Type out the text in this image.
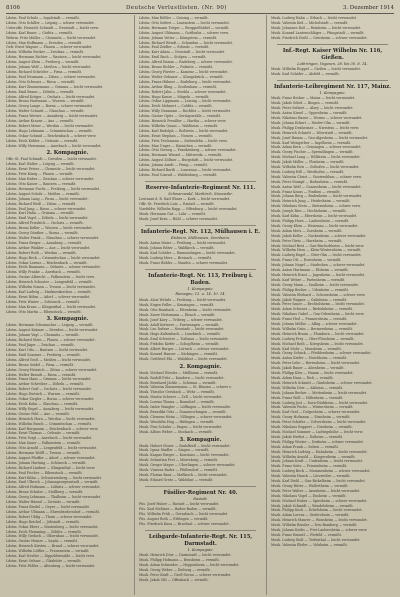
8106	Deutsche Verlustlisten. (Nr. 90)	3. Dezember 1914
Ldstm. Paul Schulz — Ingolstadt — vermißt.
Ldstm. Otto Schiller — Leipzig — schwer verwundet.
Unteroffz. Heinrich Schmidt — Neustadt — leicht verw.
Ldstm. Karl Bauer — Görlitz — vermißt.
Wehrm. Fritz Müller — Chemnitz — leicht verwundet.
Ldstm. Max Hoffmann — Dresden — vermißt.
Gefr. Ernst Wagner — Plauen — schwer verwundet.
Ldstm. Wilhelm Becker — Zwickau — vermißt.
Ldstm. Hermann Richter — Bautzen — leicht verwundet.
Ldstm. August Klein — Freiberg — vermißt.
Ldstm. Johann Wolf — Meißen — leicht verwundet.
Ldstm. Richard Schröder — Pirna — vermißt.
Ldstm. Paul Neumann — Zittau — schwer verwundet.
Ldstm. Otto Schwarz — Riesa — vermißt.
Ldstm. Kurt Zimmermann — Grimma — leicht verwundet.
Ldstm. Emil Braun — Döbeln — vermißt.
Ldstm. Alfred Krüger — Oschatz — leicht verwundet.
Ldstm. Bruno Hartmann — Wurzen — vermißt.
Ldstm. Georg Lange — Borna — schwer verwundet.
Ldstm. Walter Schmitt — Glauchau — vermißt.
Ldstm. Franz Werner — Annaberg — leicht verwundet.
Ldstm. Arthur Krause — Aue — vermißt.
Ldstm. Robert Meier — Werdau — leicht verwundet.
Ldstm. Hugo Lehmann — Crimmitschau — vermißt.
Ldstm. Oskar Schmid — Reichenbach — schwer verw.
Ldstm. Erich Köhler — Oelsnitz — vermißt.
Ldstm. Willy Herrmann — Auerbach — leicht verwundet.
2. Kompagnie.
Offz.-St. Paul Schmidt — Dresden — leicht verwundet.
Ldstm. Karl Walter — Leipzig — vermißt.
Ldstm. Ernst Peters — Chemnitz — leicht verwundet.
Ldstm. Fritz König — Plauen — vermißt.
Ldstm. Max Huber — Zwickau — schwer verwundet.
Ldstm. Otto Kaiser — Bautzen — vermißt.
Ldstm. Hermann Fuchs — Freiberg — leicht verwundet.
Ldstm. August Scholz — Meißen — vermißt.
Ldstm. Johann Lang — Pirna — leicht verwundet.
Ldstm. Richard Weiß — Zittau — vermißt.
Ldstm. Paul Jung — Riesa — schwer verwundet.
Ldstm. Kurt Hahn — Grimma — vermißt.
Ldstm. Emil Vogel — Döbeln — leicht verwundet.
Ldstm. Alfred Friedrich — Oschatz — vermißt.
Ldstm. Bruno Keller — Wurzen — leicht verwundet.
Ldstm. Georg Günther — Borna — vermißt.
Ldstm. Walter Frank — Glauchau — schwer verwundet.
Ldstm. Franz Berger — Annaberg — vermißt.
Ldstm. Arthur Winkler — Aue — leicht verwundet.
Ldstm. Robert Roth — Werdau — vermißt.
Ldstm. Hugo Beck — Crimmitschau — leicht verwundet.
Ldstm. Oskar Lorenz — Reichenbach — vermißt.
Ldstm. Erich Baumann — Oelsnitz — schwer verwundet.
Ldstm. Willy Franke — Auerbach — vermißt.
Ldstm. Gustav Albrecht — Falkenstein — leicht verw.
Ldstm. Heinrich Schuster — Lengenfeld — vermißt.
Ldstm. Wilhelm Simon — Treuen — leicht verwundet.
Ldstm. Karl Ludwig — Markneukirchen — vermißt.
Ldstm. Ernst Böhm — Adorf — schwer verwundet.
Ldstm. Fritz Winter — Schöneck — vermißt.
Ldstm. Max Kraus — Klingenthal — leicht verwundet.
Ldstm. Otto Martin — Eibenstock — vermißt.
3. Kompagnie.
Ldstm. Hermann Schumacher — Leipzig — vermißt.
Ldstm. August Krämer — Dresden — leicht verwundet.
Ldstm. Johann Vogt — Chemnitz — vermißt.
Ldstm. Richard Stein — Plauen — schwer verwundet.
Ldstm. Paul Jäger — Zwickau — vermißt.
Ldstm. Kurt Otto — Bautzen — leicht verwundet.
Ldstm. Emil Sommer — Freiberg — vermißt.
Ldstm. Alfred Groß — Meißen — leicht verwundet.
Ldstm. Bruno Seidel — Pirna — vermißt.
Ldstm. Georg Heinrich — Zittau — schwer verwundet.
Ldstm. Walter Brandt — Riesa — vermißt.
Ldstm. Franz Haas — Grimma — leicht verwundet.
Ldstm. Arthur Schreiber — Döbeln — vermißt.
Ldstm. Robert Graf — Oschatz — leicht verwundet.
Ldstm. Hugo Dietrich — Wurzen — vermißt.
Ldstm. Oskar Ziegler — Borna — schwer verwundet.
Ldstm. Erich Kuhn — Glauchau — vermißt.
Ldstm. Willy Engel — Annaberg — leicht verwundet.
Ldstm. Gustav Pohl — Aue — vermißt.
Ldstm. Heinrich Horn — Werdau — leicht verwundet.
Ldstm. Wilhelm Busch — Crimmitschau — vermißt.
Ldstm. Karl Bergmann — Reichenbach — schwer verw.
Ldstm. Ernst Thomas — Oelsnitz — vermißt.
Ldstm. Fritz Voigt — Auerbach — leicht verwundet.
Ldstm. Max Sauer — Falkenstein — vermißt.
Ldstm. Otto Arnold — Lengenfeld — leicht verwundet.
Ldstm. Hermann Wolff — Treuen — vermißt.
Ldstm. August Pfeiffer — Adorf — schwer verwundet.
Ldstm. Johann Hartung — Schöneck — vermißt.
Ldstm. Richard Lindner — Klingenthal — leicht verw.
Ldstm. Paul Fischer — Eibenstock — vermißt.
Ldstm. Kurt Kühn — Schwarzenberg — leicht verwundet.
Ldstm. Emil Ulbrich — Johanngeorgenstadt — vermißt.
Ldstm. Alfred Hofmann — Lößnitz — schwer verwundet.
Ldstm. Bruno Schulze — Stollberg — vermißt.
Ldstm. Georg Lehmann — Thalheim — leicht verwundet.
Ldstm. Walter Hänsel — Zwönitz — vermißt.
Ldstm. Franz Riedel — Geyer — leicht verwundet.
Ldstm. Arthur Ullmann — Ehrenfriedersdorf — vermißt.
Ldstm. Robert Uhlig — Thum — schwer verwundet.
Ldstm. Hugo Reichel — Jöhstadt — vermißt.
Ldstm. Oskar Ebert — Marienberg — leicht verwundet.
Ldstm. Erich Flemming — Zöblitz — vermißt.
Ldstm. Willy Gerlach — Olbernhau — leicht verwundet.
Ldstm. Gustav Heinze — Sayda — vermißt.
Ldstm. Heinrich Kirsten — Brand — schwer verwundet.
Ldstm. Wilhelm Löffler — Frauenstein — vermißt.
Ldstm. Karl Nestler — Dippoldiswalde — leicht verw.
Ldstm. Ernst Oehme — Glashütte — vermißt.
Ldstm. Fritz Päßler — Altenberg — leicht verwundet.
Ldstm. Max Rößler — Geising — vermißt.
Ldstm. Otto Seifert — Lauenstein — leicht verwundet.
Ldstm. Hermann Tröger — Berggießhübel — vermißt.
Ldstm. August Uhlmann — Gottleuba — schwer verw.
Ldstm. Johann Vetter — Königstein — vermißt.
Ldstm. Richard Wendt — Schandau — leicht verwundet.
Ldstm. Paul Zeidler — Sebnitz — vermißt.
Ldstm. Kurt Adam — Neustadt — leicht verwundet.
Ldstm. Emil Bach — Stolpen — vermißt.
Ldstm. Alfred Damm — Radeberg — schwer verwundet.
Ldstm. Bruno Eichler — Pulsnitz — vermißt.
Ldstm. Georg Förster — Kamenz — leicht verwundet.
Ldstm. Walter Gebauer — Königsbrück — vermißt.
Ldstm. Franz Hübner — Radeburg — leicht verwundet.
Ldstm. Arthur Illing — Großenhain — vermißt.
Ldstm. Robert Jahn — Strehla — schwer verwundet.
Ldstm. Hugo Kunze — Mügeln — vermißt.
Ldstm. Oskar Lippmann — Leisnig — leicht verwundet.
Ldstm. Erich Mehnert — Colditz — vermißt.
Ldstm. Willy Naumann — Rochlitz — leicht verwundet.
Ldstm. Gustav Opitz — Geringswalde — vermißt.
Ldstm. Heinrich Preußler — Hartha — schwer verw.
Ldstm. Wilhelm Quaas — Waldheim — vermißt.
Ldstm. Karl Rudolph — Roßwein — leicht verwundet.
Ldstm. Ernst Stephan — Nossen — vermißt.
Ldstm. Fritz Teichmann — Siebenlehn — leicht verw.
Ldstm. Max Unger — Hainichen — vermißt.
Ldstm. Otto Vieweg — Frankenberg — schwer verwundet.
Ldstm. Hermann Wenzel — Mittweida — vermißt.
Ldstm. August Zöllner — Burgstädt — leicht verwundet.
Ldstm. Johann Arndt — Penig — vermißt.
Ldstm. Richard Barth — Lunzenau — leicht verwundet.
Ldstm. Paul Conrad — Waldenburg — vermißt.
Reserve-Infanterie-Regiment Nr. 111.
Schwarzwald, Markirch, Stosswihr.
Leutnant d. R. Karl Ebner — Kork — leicht verwundet.
Offz.-St. Friedrich Lutz — Rastatt — vermißt.
Vizefeldw. Wilhelm Rapp — Offenburg — leicht verwundet.
Musk. Hermann Gut — Lahr — vermißt.
Musk. Josef Kern — Bühl — schwer verwundet.
Infanterie-Regt. Nr. 112, Mülhausen i. E.
Rixheim, Mülhausen, Sennheim.
Musk. Anton Maier — Freiburg — leicht verwundet.
Musk. Johann Ritter — Waldkirch — vermißt.
Musk. Karl Schäfer — Emmendingen — leicht verwundet.
Musk. Ludwig Merz — Breisach — vermißt.
Musk. Franz Bühler — Staufen — schwer verwundet.
Infanterie-Regt. Nr. 113, Freiburg i. Baden.
1. Kompagnie.
Romagne, 13. u. 14. 10. 14.
Musk. Alois Wehrle — Freiburg — leicht verwundet.
Musk. Eugen Faller — Kenzingen — vermißt.
Musk. Otto Rombach — Ettenheim — leicht verwundet.
Musk. Xaver Heitzmann — Elzach — vermißt.
Musk. Josef Kury — Triberg — schwer verwundet.
Musk. Adolf Ketterer — Furtwangen — vermißt.
Musk. Leo Dufner — Neustadt — leicht verwundet.
Musk. Hugo Kaltenbach — Lenzkirch — vermißt.
Musk. Emil Schwörer — Todtnau — leicht verwundet.
Musk. Fridolin Kiefer — Schopfheim — vermißt.
Musk. Albert Burger — Lörrach — schwer verwundet.
Musk. Konrad Hauser — Säckingen — vermißt.
Musk. Gottfried Ebi — Waldshut — leicht verwundet.
2. Kompagnie.
Musk. Michael Wiesler — Müllheim — vermißt.
Musk. Rudolf Fritz — Kandern — leicht verwundet.
Musk. Bernhard Jäckle — Schönau — vermißt.
Musk. Valentin Zimmermann — St. Blasien — schwer v.
Musk. Theodor Gersbach — Wehr — vermißt.
Musk. Martin Scherer — Zell — leicht verwundet.
Musk. Lorenz Thoma — Bonndorf — vermißt.
Musk. Isidor Wangler — Löffingen — leicht verwundet.
Musk. Benedikt Götz — Donaueschingen — vermißt.
Musk. Clemens Heim — Villingen — schwer verwundet.
Musk. Wendelin Hug — Hüfingen — vermißt.
Musk. Pius Schuler — Engen — leicht verwundet.
Musk. Alfons Weber — Stockach — vermißt.
3. Kompagnie.
Musk. Hubert Moser — Radolfzell — leicht verwundet.
Musk. Ignaz Stadler — Singen — vermißt.
Musk. Kaspar Rieger — Konstanz — leicht verwundet.
Musk. Sebastian Frei — Meersburg — vermißt.
Musk. Gregor Mayer — Überlingen — schwer verwundet.
Musk. Vinzenz Bader — Pfullendorf — vermißt.
Musk. Florian Baur — Meßkirch — leicht verwundet.
Musk. Eduard Gretz — Waldshut — vermißt.
Füsilier-Regiment Nr. 40.
Rastatt.
Füs. Josef Huber — Rastatt — leicht verwundet.
Füs. Karl Meßmer — Baden-Baden — vermißt.
Füs. Wilhelm Früh — Gernsbach — leicht verwundet.
Füs. August Roth — Ettlingen — vermißt.
Füs. Friedrich Kunz — Bruchsal — schwer verwundet.
Leibgarde-Infanterie-Regt. Nr. 115, Darmstadt.
1. Kompagnie.
Musk. Heinrich Dörr — Darmstadt — leicht verwundet.
Musk. Philipp Hofmann — Bensheim — vermißt.
Musk. Adam Schneider — Heppenheim — leicht verwundet.
Musk. Georg Weber — Dieburg — vermißt.
Musk. Peter Kraft — Groß-Gerau — schwer verwundet.
Musk. Jakob Ohl — Offenbach — vermißt.
Musk. Ludwig Hahn — Erbach — leicht verwundet.
Musk. Valentin Keil — Michelstadt — vermißt.
Musk. Johannes Roß — Reinheim — leicht verwundet.
Musk. Konrad Lautenschläger — Pfungstadt — vermißt.
Musk. Friedrich Diehl — Griesheim — schwer verwundet.
Inf.-Regt. Kaiser Wilhelm Nr. 116, Gießen.
Lothringen, Vogesen, 28. bis 30. 8. 14.
Musk. Wilhelm Ruppel — Gießen — leicht verwundet.
Musk. Karl Schäfer — Alsfeld — vermißt.
Infanterie-Leibregiment Nr. 117, Mainz.
1. Kompagnie.
Musk. Franz Becker — Mainz — leicht verwundet.
Musk. Jakob Göbel — Bingen — vermißt.
Musk. Peter Seibert — Alzey — leicht verwundet.
Musk. Anton Kissel — Oppenheim — vermißt.
Musk. Nikolaus Bauer — Worms — schwer verwundet.
Musk. Johann Eckert — Nieder-Olm — vermißt.
Musk. Philipp Dexheimer — Nierstein — leicht verw.
Musk. Heinrich Schmitt — Wörrstadt — vermißt.
Musk. Josef Hamm — Gau-Algesheim — leicht verwundet.
Musk. Karl Weisgerber — Ingelheim — vermißt.
Musk. Adam Kern — Gensingen — schwer verwundet.
Musk. Georg Fischer — Sprendlingen — vermißt.
Musk. Michael Lang — Wöllstein — leicht verwundet.
Musk. Jakob Möller — Flonheim — vermißt.
Musk. Wilhelm Reis — Osthofen — leicht verwundet.
Musk. Ludwig Hill — Westhofen — vermißt.
Musk. Valentin Christ — Guntersblum — schwer verw.
Musk. Peter Stumpf — Bodenheim — vermißt.
Musk. Anton Wolf — Gonsenheim — leicht verwundet.
Musk. Franz Kraus — Finthen — vermißt.
Musk. Johann Berg — Budenheim — leicht verwundet.
Musk. Heinrich Jung — Heidesheim — vermißt.
Musk. Nikolaus Stein — Bretzenheim — schwer verw.
Musk. Joseph Ries — Hechtsheim — vermißt.
Musk. Karl Kühn — Ebersheim — leicht verwundet.
Musk. Philipp Horn — Laubenheim — vermißt.
Musk. Georg Klein — Weisenau — leicht verwundet.
Musk. Adam Metz — Zornheim — vermißt.
Musk. Jakob Keller — Nackenheim — schwer verwundet.
Musk. Peter Dietz — Harxheim — vermißt.
Musk. Michael Best — Gau-Bischofsheim — leicht verw.
Musk. Wilhelm Hess — Klein-Winternheim — vermißt.
Musk. Ludwig Engel — Ober-Olm — leicht verwundet.
Musk. Franz Ott — Essenheim — vermißt.
Musk. Johann Nagel — Stadecken — schwer verwundet.
Musk. Anton Hartmann — Elsheim — vermißt.
Musk. Heinrich Ernst — Jugenheim — leicht verwundet.
Musk. Karl Weber — Partenheim — vermißt.
Musk. Georg Mann — Saulheim — leicht verwundet.
Musk. Philipp Becker — Udenheim — vermißt.
Musk. Valentin Ehrhard — Schornsheim — schwer verw.
Musk. Jakob Wagner — Gabsheim — vermißt.
Musk. Peter Sauer — Bechtolsheim — leicht verwundet.
Musk. Adam Schwarz — Biebelnheim — vermißt.
Musk. Nikolaus Gabel — Gau-Odernheim — leicht verw.
Musk. Franz Heil — Framersheim — vermißt.
Musk. Johann Müller — Albig — schwer verwundet.
Musk. Wilhelm Grün — Bermersheim — vermißt.
Musk. Heinrich Braun — Flomborn — leicht verwundet.
Musk. Ludwig Frey — Ober-Flörsheim — vermißt.
Musk. Michael Roth — Kriegsheim — leicht verwundet.
Musk. Karl Mohr — Monsheim — vermißt.
Musk. Georg Schuck — Pfeddersheim — schwer verwundet.
Musk. Anton Kiefer — Horchheim — vermißt.
Musk. Peter Lehr — Herrnsheim — leicht verwundet.
Musk. Jakob Bauer — Abenheim — vermißt.
Musk. Philipp Klee — Hamm — leicht verwundet.
Musk. Adam Haas — Eich — vermißt.
Musk. Heinrich Schmitt — Gimbsheim — schwer verwundet.
Musk. Wilhelm Dörr — Alsheim — vermißt.
Musk. Johann Becker — Mettenheim — leicht verwundet.
Musk. Franz Wolf — Hillesheim — vermißt.
Musk. Ludwig Jost — Dorn-Dürkheim — leicht verwundet.
Musk. Valentin Fuchs — Wintersheim — vermißt.
Musk. Karl Graf — Dolgesheim — schwer verwundet.
Musk. Georg Hofmann — Eimsheim — vermißt.
Musk. Peter Schäfer — Uelversheim — leicht verwundet.
Musk. Nikolaus Ruppert — Dienheim — vermißt.
Musk. Michael Sommer — Ludwigshöhe — leicht verw.
Musk. Jakob Herbst — Dalheim — vermißt.
Musk. Philipp Winter — Dexheim — schwer verwundet.
Musk. Adam Frank — Selzen — vermißt.
Musk. Heinrich Ludwig — Hahnheim — leicht verwundet.
Musk. Wilhelm Arnold — Köngernheim — vermißt.
Musk. Johann Kraft — Undenheim — leicht verwundet.
Musk. Franz Seitz — Friesenheim — vermißt.
Musk. Ludwig Beck — Mommenheim — schwer verwundet.
Musk. Valentin Hauck — Lörzweiler — vermißt.
Musk. Karl Diehl — Gau-Bickelheim — leicht verwundet.
Musk. Georg Ritter — Wallertheim — vermißt.
Musk. Peter Walter — Armsheim — leicht verwundet.
Musk. Nikolaus Vogel — Ensheim — vermißt.
Musk. Michael Huber — Spiesheim — schwer verwundet.
Musk. Jakob Schmidt — Wendelsheim — vermißt.
Musk. Philipp Koch — Eckelsheim — leicht verwundet.
Musk. Adam Lorenz — Siefersheim — vermißt.
Musk. Heinrich Maurer — Wonsheim — leicht verwundet.
Musk. Wilhelm Bender — Neu-Bamberg — vermißt.
Musk. Johann Krebs — Frei-Laubersheim — schwer verw.
Musk. Franz Emmel — Fürfeld — vermißt.
Musk. Ludwig Stoll — Tiefenthal — leicht verwundet.
Musk. Valentin Ehrler — Volxheim — vermißt.
